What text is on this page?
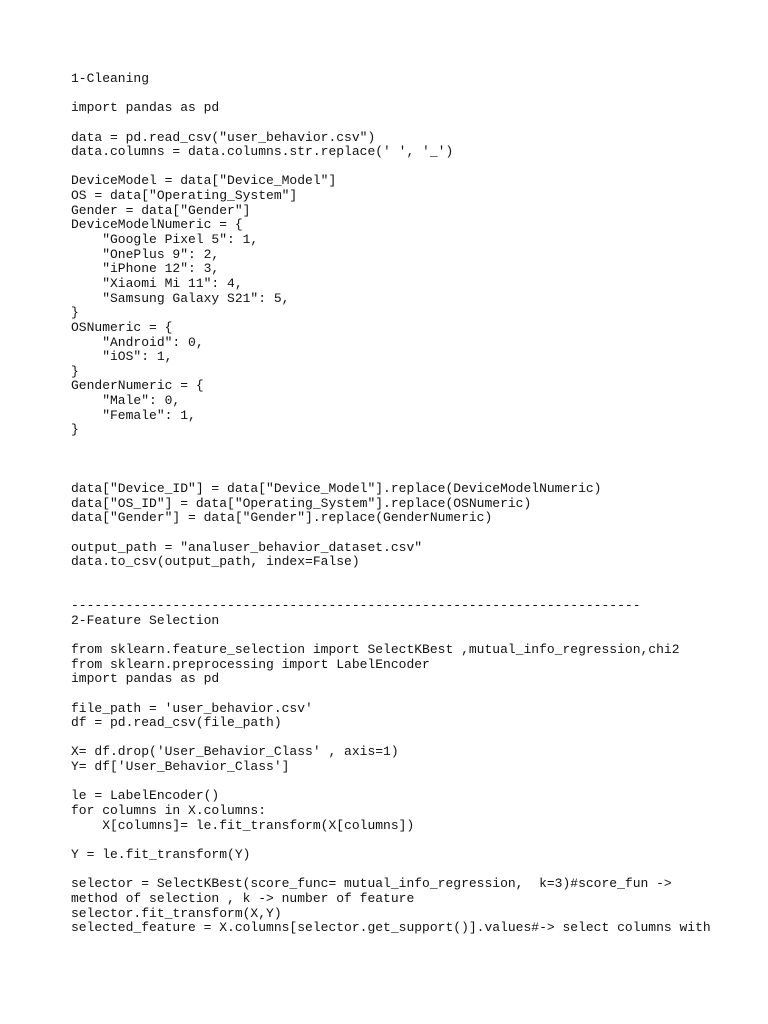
1-Cleaning
import pandas as pd
data = pd.read_csv("user_behavior.csv")
data.columns = data.columns.str.replace(' ', '_')
DeviceModel = data["Device_Model"]
OS = data["Operating_System"]
Gender = data["Gender"]
DeviceModelNumeric = {
"Google Pixel 5": 1,
"OnePlus 9": 2,
"iPhone 12": 3,
"Xiaomi Mi 11": 4,
"Samsung Galaxy S21": 5,
}
OSNumeric = {
"Android": 0,
"iOS": 1,
}
GenderNumeric = {
"Male": 0,
"Female": 1,
}
data["Device_ID"] = data["Device_Model"].replace(DeviceModelNumeric)
data["OS_ID"] = data["Operating_System"].replace(OSNumeric)
data["Gender"] = data["Gender"].replace(GenderNumeric)
output_path = "analuser_behavior_dataset.csv"
data.to_csv(output_path, index=False)
-------------------------------------------------------------------------
2-Feature Selection
from sklearn.feature_selection import SelectKBest ,mutual_info_regression,chi2
from sklearn.preprocessing import LabelEncoder
import pandas as pd
file_path = 'user_behavior.csv'
df = pd.read_csv(file_path)
X= df.drop('User_Behavior_Class' , axis=1)
Y= df['User_Behavior_Class']
le = LabelEncoder()
for columns in X.columns:
X[columns]= le.fit_transform(X[columns])
Y = le.fit_transform(Y)
selector = SelectKBest(score_func= mutual_info_regression,  k=3)#score_fun ->
method of selection , k -> number of feature
selector.fit_transform(X,Y)
selected_feature = X.columns[selector.get_support()].values#-> select columns with
